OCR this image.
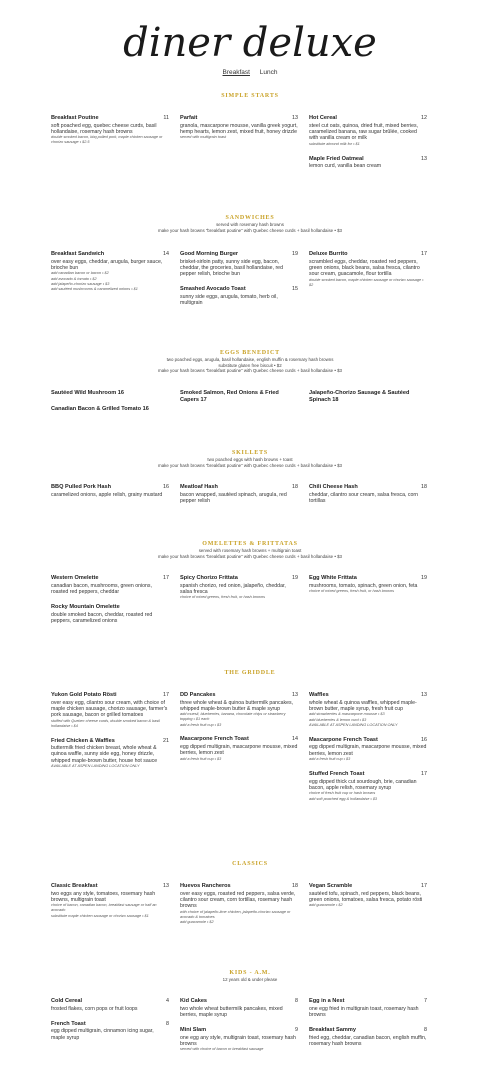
diner deluxe
Breakfast Lunch
SIMPLE STARTS
Breakfast Poutine	11
soft poached egg, quebec cheese curds, basil hollandaise, rosemary hash browns
double smoked bacon, bbq pulled pork, maple chicken sausage or chorizo sausage • $2.5
Parfait	13
granola, mascarpone mousse, vanilla greek yogurt, hemp hearts, lemon zest, mixed fruit, honey drizzle
served with multigrain toast
Hot Cereal	12
steel cut oats, quinoa, dried fruit, mixed berries, caramelized banana, raw sugar brûlée, cooked with vanilla cream or milk
substitute almond milk for • $1
Maple Fried Oatmeal	13
lemon curd, vanilla bean cream
SANDWICHES
served with rosemary hash browns
make your hash browns "breakfast poutine" with Quebec cheese curds + basil hollandaise • $3
Breakfast Sandwich	14
over easy eggs, cheddar, arugula, burger sauce, brioche bun
add canadian bacon or bacon • $2
add avocado & tomato • $2
add jalapeño-chorizo sausage • $3
add sautéed mushrooms & caramelized onions • $1
Good Morning Burger	19
brisket-sirloin patty, sunny side egg, bacon, cheddar, the groceries, basil hollandaise, red pepper relish, brioche bun
Smashed Avocado Toast	15
sunny side eggs, arugula, tomato, herb oil, multigrain
Deluxe Burrito	17
scrambled eggs, cheddar, roasted red peppers, green onions, black beans, salsa fresca, cilantro sour cream, guacamole, flour tortilla
double smoked bacon, maple chicken sausage or chorizo sausage • $2
EGGS BENEDICT
two poached eggs, arugula, basil hollandaise, english muffin & rosemary hash browns
substitute gluten free biscuit • $2
make your hash browns "breakfast poutine" with Quebec cheese curds + basil hollandaise • $3
Sautéed Wild Mushroom 16
Canadian Bacon & Grilled Tomato 16
Smoked Salmon, Red Onions & Fried Capers 17
Jalapeño-Chorizo Sausage & Sautéed Spinach 18
SKILLETS
two poached eggs with hash browns + toast
make your hash browns "breakfast poutine" with Quebec cheese curds + basil hollandaise • $3
BBQ Pulled Pork Hash	16
caramelized onions, apple relish, grainy mustard
Meatloaf Hash	18
bacon wrapped, sautéed spinach, arugula, red pepper relish
Chili Cheese Hash	18
cheddar, cilantro sour cream, salsa fresca, corn tortillas
OMELETTES & FRITTATAS
served with rosemary hash browns + multigrain toast
make your hash browns "breakfast poutine" with Quebec cheese curds + basil hollandaise • $3
Western Omelette	17
canadian bacon, mushrooms, green onions, roasted red peppers, cheddar
Rocky Mountain Omelette
double smoked bacon, cheddar, roasted red peppers, caramelized onions
Spicy Chorizo Frittata	19
spanish chorizo, red onion, jalapeño, cheddar, salsa fresca
choice of mixed greens, fresh fruit, or hash browns
Egg White Frittata	19
mushrooms, tomato, spinach, green onion, feta
choice of mixed greens, fresh fruit, or hash browns
THE GRIDDLE
Yukon Gold Potato Rösti	17
over easy egg, cilantro sour cream, with choice of maple chicken sausage, chorizo sausage, farmer's pork sausage, bacon or grilled tomatoes
stuffed with Quebec cheese curds, double smoked bacon & basil hollandaise • $4
Fried Chicken & Waffles	21
buttermilk fried chicken breast, whole wheat & quinoa waffle, sunny side egg, honey drizzle, whipped maple-brown butter, house hot sauce
AVAILABLE AT ASPEN LANDING LOCATION ONLY
DD Pancakes	13
three whole wheat & quinoa buttermilk pancakes, whipped maple-brown butter & maple syrup
add muesli, blueberries, banana, chocolate chips or strawberry topping • $1 each
add a fresh fruit cup • $3
Mascarpone French Toast	14
egg dipped multigrain, mascarpone mousse, mixed berries, lemon zest
add a fresh fruit cup • $3
Waffles	13
whole wheat & quinoa waffles, whipped maple-brown butter, maple syrup, fresh fruit cup
add strawberries & mascarpone mousse • $3
add blueberries & lemon curd • $3
AVAILABLE AT ASPEN LANDING LOCATION ONLY
Mascarpone French Toast	16
egg dipped multigrain, mascarpone mousse, mixed berries, lemon zest
add a fresh fruit cup • $3
Stuffed French Toast	17
egg dipped thick cut sourdough, brie, canadian bacon, apple relish, rosemary syrup
choice of fresh fruit cup or hash browns
add soft poached egg & hollandaise • $3
CLASSICS
Classic Breakfast	13
two eggs any style, tomatoes, rosemary hash browns, multigrain toast
choice of bacon, canadian bacon, breakfast sausage or half an avocado
substitute maple chicken sausage or chorizo sausage • $1
Huevos Rancheros	18
over easy eggs, roasted red peppers, salsa verde, cilantro sour cream, corn tortillas, rosemary hash browns
with choice of jalapeño-lime chicken, jalapeño-chorizo sausage or avocado & tomatoes
add guacamole • $2
Vegan Scramble	17
sautéed tofu, spinach, red peppers, black beans, green onions, tomatoes, salsa fresca, potato rösti
add guacamole • $2
KIDS - A.M.
12 years old & under please
Cold Cereal	4
frosted flakes, corn pops or fruit loops
French Toast	8
egg dipped multigrain, cinnamon icing sugar, maple syrup
Kid Cakes	8
two whole wheat buttermilk pancakes, mixed berries, maple syrup
Mini Slam	9
one egg any style, multigrain toast, rosemary hash browns
served with choice of bacon or breakfast sausage
Egg in a Nest	7
one egg fried in multigrain toast, rosemary hash browns
Breakfast Sammy	8
fried egg, cheddar, canadian bacon, english muffin, rosemary hash browns
